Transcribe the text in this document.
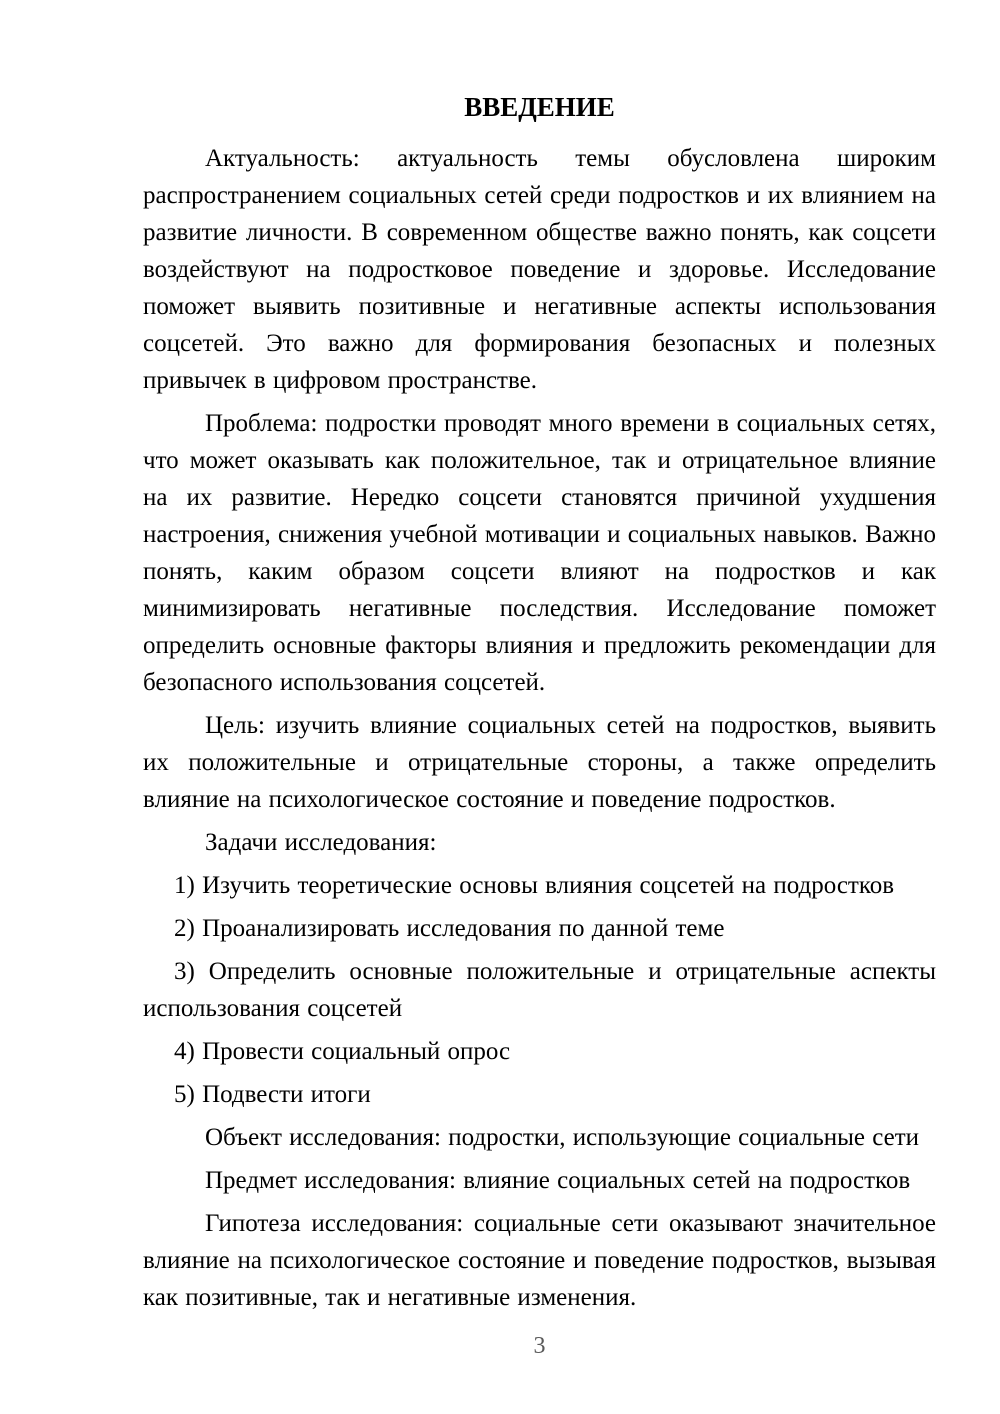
ВВЕДЕНИЕ

Актуальность: актуальность темы обусловлена широким распространением социальных сетей среди подростков и их влиянием на развитие личности. В современном обществе важно понять, как соцсети воздействуют на подростковое поведение и здоровье. Исследование поможет выявить позитивные и негативные аспекты использования соцсетей. Это важно для формирования безопасных и полезных привычек в цифровом пространстве.

Проблема: подростки проводят много времени в социальных сетях, что может оказывать как положительное, так и отрицательное влияние на их развитие. Нередко соцсети становятся причиной ухудшения настроения, снижения учебной мотивации и социальных навыков. Важно понять, каким образом соцсети влияют на подростков и как минимизировать негативные последствия. Исследование поможет определить основные факторы влияния и предложить рекомендации для безопасного использования соцсетей.

Цель: изучить влияние социальных сетей на подростков, выявить их положительные и отрицательные стороны, а также определить влияние на психологическое состояние и поведение подростков.

Задачи исследования:

1) Изучить теоретические основы влияния соцсетей на подростков

2) Проанализировать исследования по данной теме

3) Определить основные положительные и отрицательные аспекты использования соцсетей

4) Провести социальный опрос

5) Подвести итоги

Объект исследования: подростки, использующие социальные сети

Предмет исследования: влияние социальных сетей на подростков

Гипотеза исследования: социальные сети оказывают значительное влияние на психологическое состояние и поведение подростков, вызывая как позитивные, так и негативные изменения.

3
